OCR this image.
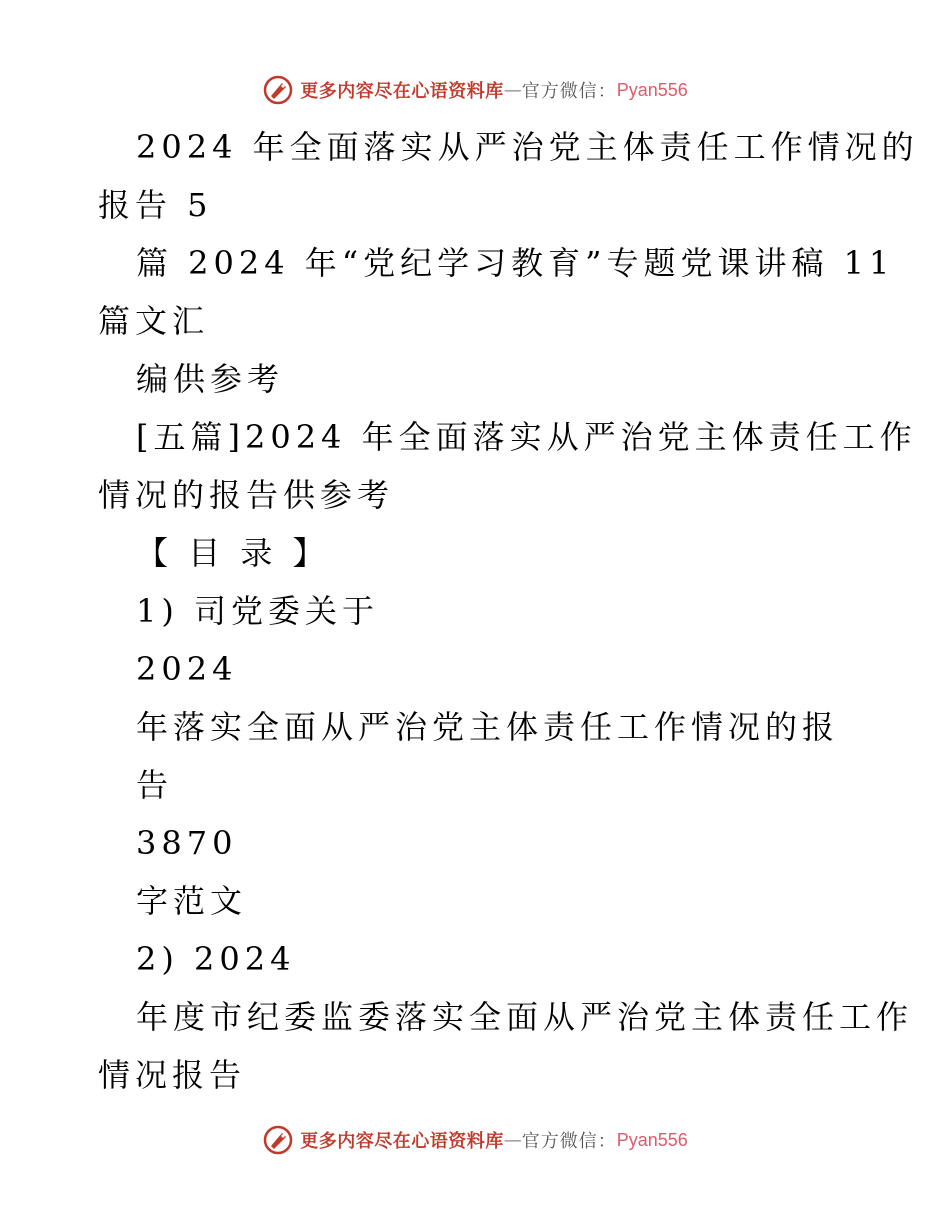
更多内容尽在心语资料库 — 官方微信： Pyan556
2024 年全面落实从严治党主体责任工作情况的
报告 5
篇 2024 年“党纪学习教育”专题党课讲稿 11
篇文汇
编供参考
[五篇]2024 年全面落实从严治党主体责任工作
情况的报告供参考
【 目 录 】
1) 司党委关于
2024
年落实全面从严治党主体责任工作情况的报
告
3870
字范文
2) 2024
年度市纪委监委落实全面从严治党主体责任工作
情况报告
更多内容尽在心语资料库 — 官方微信： Pyan556
